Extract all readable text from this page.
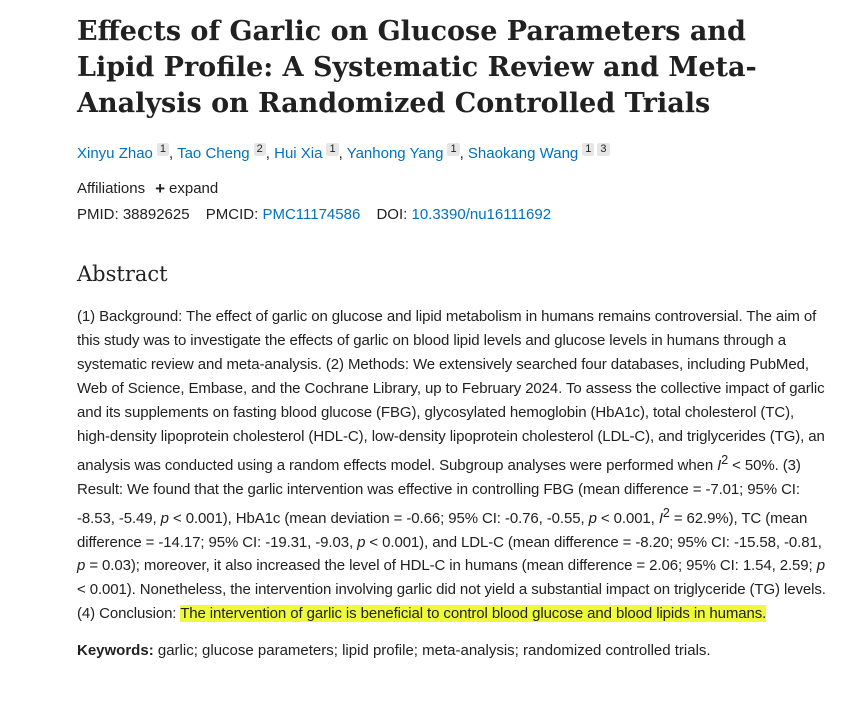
Effects of Garlic on Glucose Parameters and Lipid Profile: A Systematic Review and Meta-Analysis on Randomized Controlled Trials
Xinyu Zhao $^1$ , Tao Cheng $^2$ , Hui Xia $^1$ , Yanhong Yang $^1$ , Shaokang Wang $^1$ $^3$
Affiliations + expand
PMID: 38892625 PMCID: PMC11174586 DOI: 10.3390/nu16111692
Abstract
(1) Background: The effect of garlic on glucose and lipid metabolism in humans remains controversial. The aim of this study was to investigate the effects of garlic on blood lipid levels and glucose levels in humans through a systematic review and meta-analysis. (2) Methods: We extensively searched four databases, including PubMed, Web of Science, Embase, and the Cochrane Library, up to February 2024. To assess the collective impact of garlic and its supplements on fasting blood glucose (FBG), glycosylated hemoglobin (HbA1c), total cholesterol (TC), high-density lipoprotein cholesterol (HDL-C), low-density lipoprotein cholesterol (LDL-C), and triglycerides (TG), an analysis was conducted using a random effects model. Subgroup analyses were performed when $I^2 < 50\%$. (3) Result: We found that the garlic intervention was effective in controlling FBG (mean difference = -7.01; 95% CI: -8.53, -5.49, p < 0.001), HbA1c (mean deviation = -0.66; 95% CI: -0.76, -0.55, p < 0.001, $I^2 = 62.9\%$), TC (mean difference = -14.17; 95% CI: -19.31, -9.03, p < 0.001), and LDL-C (mean difference = -8.20; 95% CI: -15.58, -0.81, p = 0.03); moreover, it also increased the level of HDL-C in humans (mean difference = 2.06; 95% CI: 1.54, 2.59; p < 0.001). Nonetheless, the intervention involving garlic did not yield a substantial impact on triglyceride (TG) levels. (4) Conclusion: The intervention of garlic is beneficial to control blood glucose and blood lipids in humans.
Keywords: garlic; glucose parameters; lipid profile; meta-analysis; randomized controlled trials.
